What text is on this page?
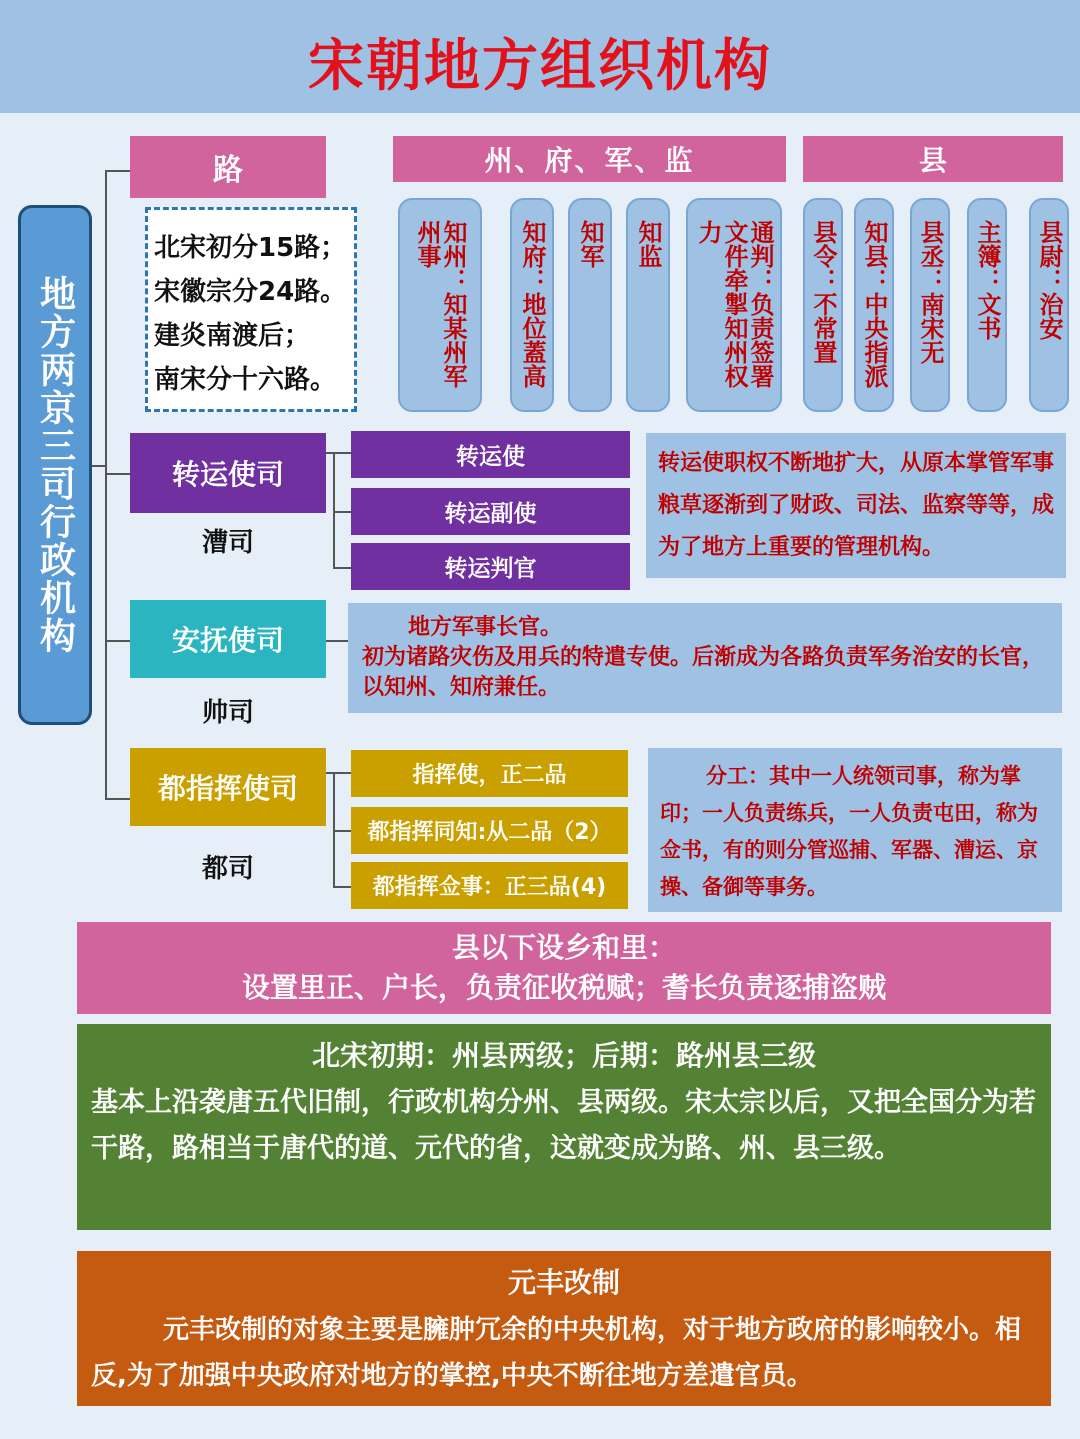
宋朝地方组织机构
地方两京三司行政机构
路
北宋初分15路；
宋徽宗分24路。
建炎南渡后；
南宋分十六路。
州、府、军、监
知州：知某州军州事	知府：地位蓋高	知军	知监	通判：负责签署文件牵掣知州权力
县
县令：不常置 知县：中央指派 县丞：南宋无 主簿：文书 县尉：治安
转运使司
漕司
转运使
转运副使
转运判官
转运使职权不断地扩大，从原本掌管军事粮草逐渐到了财政、司法、监察等等，成为了地方上重要的管理机构。
安抚使司
帅司
地方军事长官。
初为诸路灾伤及用兵的特遣专使。后渐成为各路负责军务治安的长官，以知州、知府兼任。
都指挥使司
都司
指挥使，正二品
都指挥同知:从二品（2）
都指挥佥事：正三品(4)
分工：其中一人统领司事，称为掌印；一人负责练兵，一人负责屯田，称为佥书，有的则分管巡捕、军器、漕运、京操、备御等事务。
县以下设乡和里：
设置里正、户长，负责征收税赋；耆长负责逐捕盗贼
北宋初期：州县两级；后期：路州县三级
基本上沿袭唐五代旧制，行政机构分州、县两级。宋太宗以后，又把全国分为若干路，路相当于唐代的道、元代的省，这就变成为路、州、县三级。
元丰改制
元丰改制的对象主要是臃肿冗余的中央机构，对于地方政府的影响较小。相反,为了加强中央政府对地方的掌控,中央不断往地方差遣官员。
